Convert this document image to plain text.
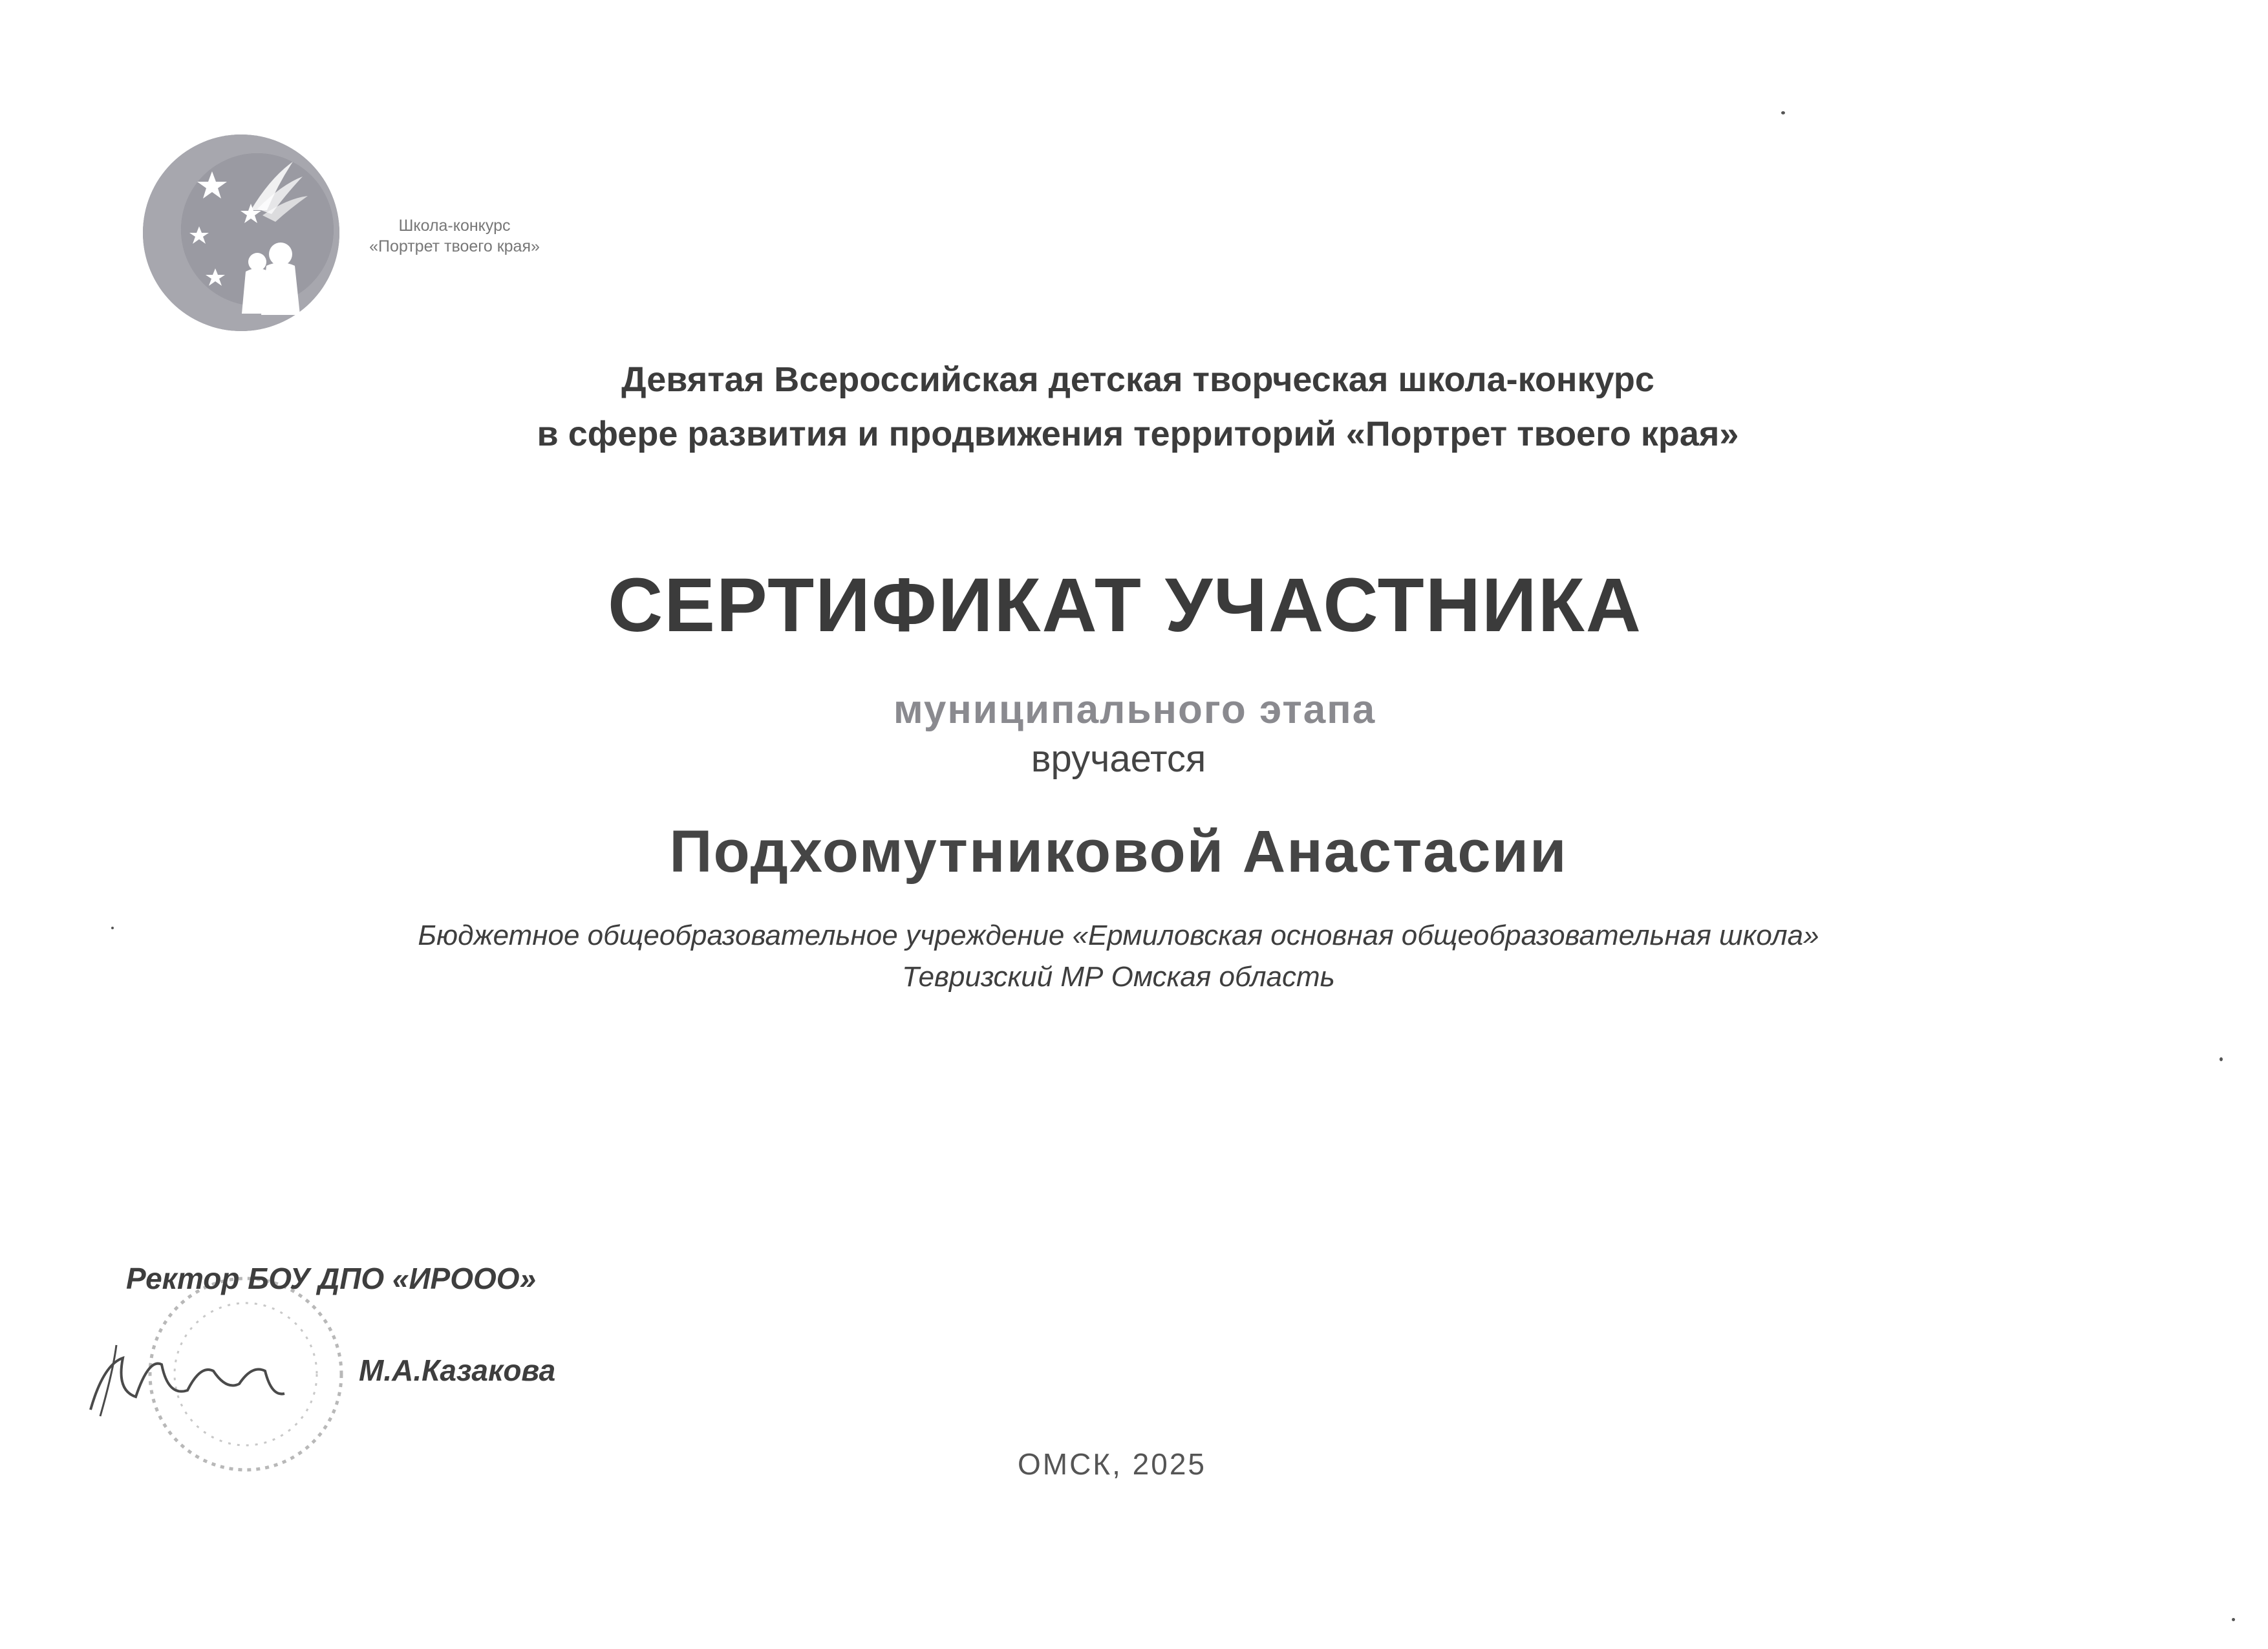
Школа-конкурс
«Портрет твоего края»
Девятая Всероссийская детская творческая школа-конкурс
в сфере развития и продвижения территорий «Портрет твоего края»
СЕРТИФИКАТ УЧАСТНИКА
муниципального этапа
вручается
Подхомутниковой Анастасии
Бюджетное общеобразовательное учреждение «Ермиловская основная общеобразовательная школа»
Тевризский МР Омская область
Ректор БОУ ДПО «ИРООО»
М.А.Казакова
ОМСК, 2025
